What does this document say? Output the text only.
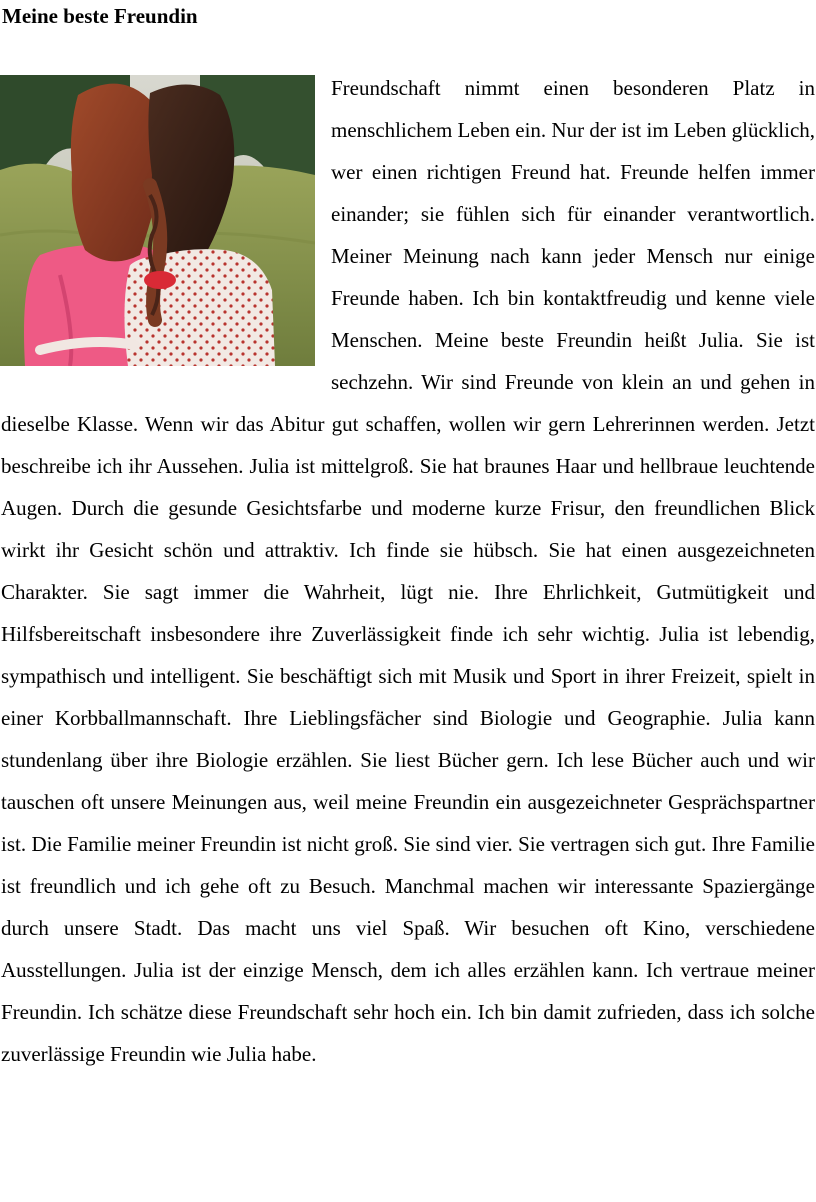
Meine beste Freundin
Freundschaft nimmt einen besonderen Platz in menschlichem Leben ein. Nur der ist im Leben glücklich, wer einen richtigen Freund hat. Freunde helfen immer einander; sie fühlen sich für einander verantwortlich. Meiner Meinung nach kann jeder Mensch nur einige Freunde haben. Ich bin kontaktfreudig und kenne viele Menschen. Meine beste Freundin heißt Julia. Sie ist sechzehn. Wir sind Freunde von klein an und gehen in dieselbe Klasse. Wenn wir das Abitur gut schaffen, wollen wir gern Lehrerinnen werden. Jetzt beschreibe ich ihr Aussehen. Julia ist mittelgroß. Sie hat braunes Haar und hellbraue leuchtende Augen. Durch die gesunde Gesichtsfarbe und moderne kurze Frisur, den freundlichen Blick wirkt ihr Gesicht schön und attraktiv. Ich finde sie hübsch. Sie hat einen ausgezeichneten Charakter. Sie sagt immer die Wahrheit, lügt nie. Ihre Ehrlichkeit, Gutmütigkeit und Hilfsbereitschaft insbesondere ihre Zuverlässigkeit finde ich sehr wichtig. Julia ist lebendig, sympathisch und intelligent. Sie beschäftigt sich mit Musik und Sport in ihrer Freizeit, spielt in einer Korbballmannschaft. Ihre Lieblingsfächer sind Biologie und Geographie. Julia kann stundenlang über ihre Biologie erzählen. Sie liest Bücher gern. Ich lese Bücher auch und wir tauschen oft unsere Meinungen aus, weil meine Freundin ein ausgezeichneter Gesprächspartner ist. Die Familie meiner Freundin ist nicht groß. Sie sind vier. Sie vertragen sich gut. Ihre Familie ist freundlich und ich gehe oft zu Besuch. Manchmal machen wir interessante Spaziergänge durch unsere Stadt. Das macht uns viel Spaß. Wir besuchen oft Kino, verschiedene Ausstellungen. Julia ist der einzige Mensch, dem ich alles erzählen kann. Ich vertraue meiner Freundin. Ich schätze diese Freundschaft sehr hoch ein. Ich bin damit zufrieden, dass ich solche zuverlässige Freundin wie Julia habe.
